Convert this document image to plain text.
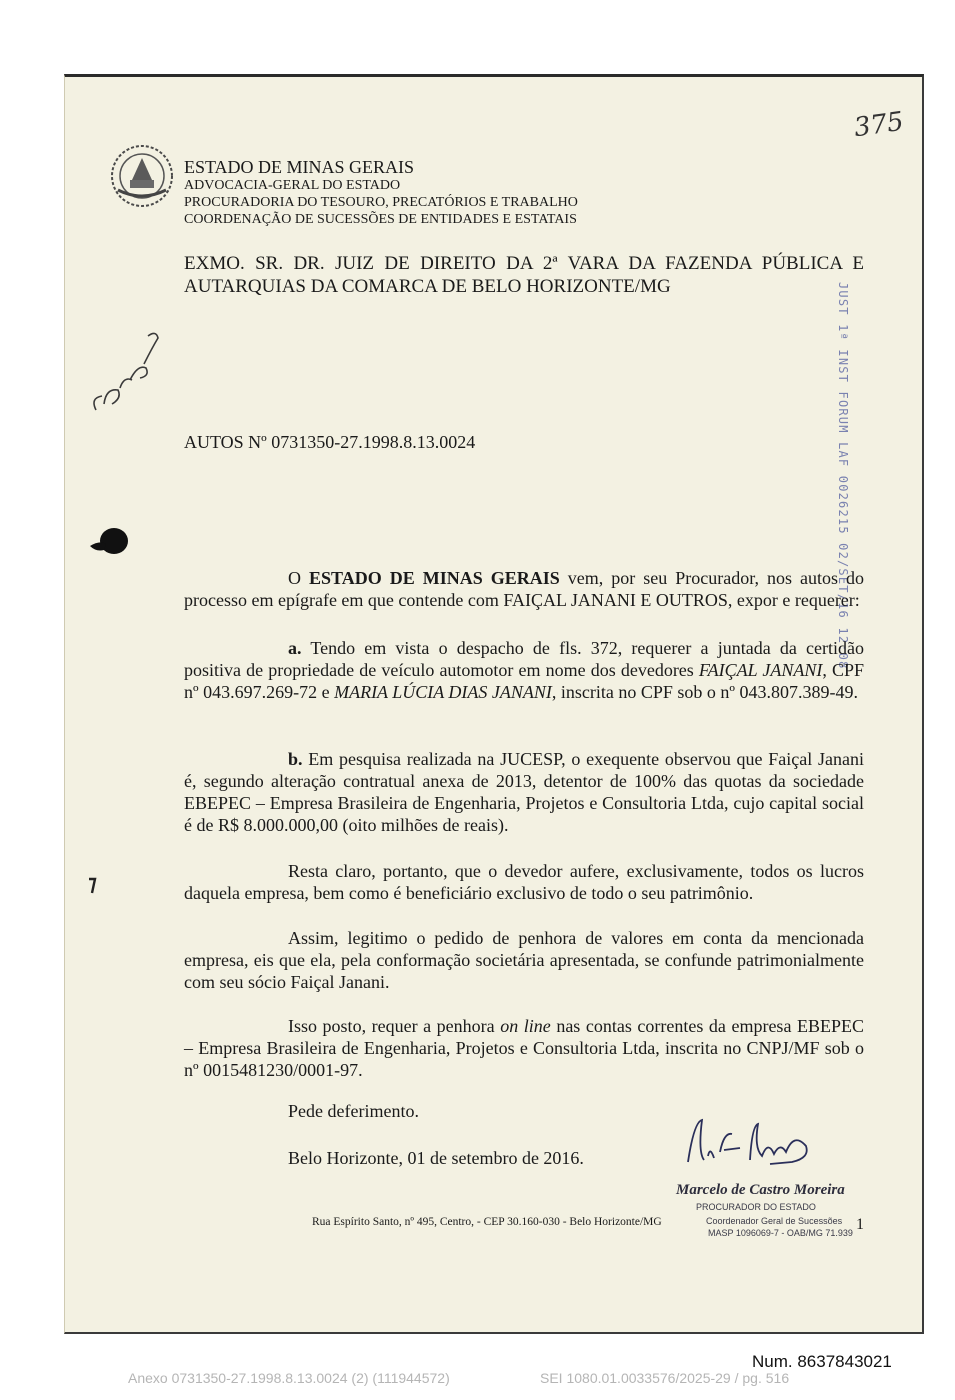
ESTADO DE MINAS GERAIS
ADVOCACIA-GERAL DO ESTADO
PROCURADORIA DO TESOURO, PRECATÓRIOS E TRABALHO
COORDENAÇÃO DE SUCESSÕES DE ENTIDADES E ESTATAIS
375
EXMO. SR. DR. JUIZ DE DIREITO DA 2ª VARA DA FAZENDA PÚBLICA E AUTARQUIAS DA COMARCA DE BELO HORIZONTE/MG	JUST 1ª INST FORUM LAF 0026215 02/SET/16 12:08
AUTOS Nº 0731350-27.1998.8.13.0024
O ESTADO DE MINAS GERAIS vem, por seu Procurador, nos autos do processo em epígrafe em que contende com FAIÇAL JANANI E OUTROS, expor e requerer:
a. Tendo em vista o despacho de fls. 372, requerer a juntada da certidão positiva de propriedade de veículo automotor em nome dos devedores FAIÇAL JANANI, CPF nº 043.697.269-72 e MARIA LÚCIA DIAS JANANI, inscrita no CPF sob o nº 043.807.389-49.
b. Em pesquisa realizada na JUCESP, o exequente observou que Faiçal Janani é, segundo alteração contratual anexa de 2013, detentor de 100% das quotas da sociedade EBEPEC – Empresa Brasileira de Engenharia, Projetos e Consultoria Ltda, cujo capital social é de R$ 8.000.000,00 (oito milhões de reais).
Resta claro, portanto, que o devedor aufere, exclusivamente, todos os lucros daquela empresa, bem como é beneficiário exclusivo de todo o seu patrimônio.
Assim, legitimo o pedido de penhora de valores em conta da mencionada empresa, eis que ela, pela conformação societária apresentada, se confunde patrimonialmente com seu sócio Faiçal Janani.
Isso posto, requer a penhora on line nas contas correntes da empresa EBEPEC – Empresa Brasileira de Engenharia, Projetos e Consultoria Ltda, inscrita no CNPJ/MF sob o nº 0015481230/0001-97.
Pede deferimento.
Belo Horizonte, 01 de setembro de 2016.
Marcelo de Castro Moreira
PROCURADOR DO ESTADO
Coordenador Geral de Sucessões
MASP 1096069-7 - OAB/MG 71.939
Rua Espírito Santo, nº 495, Centro, - CEP 30.160-030 - Belo Horizonte/MG	1
Num. 8637843021
Anexo 0731350-27.1998.8.13.0024 (2) (111944572)	SEI 1080.01.0033576/2025-29 / pg. 516
